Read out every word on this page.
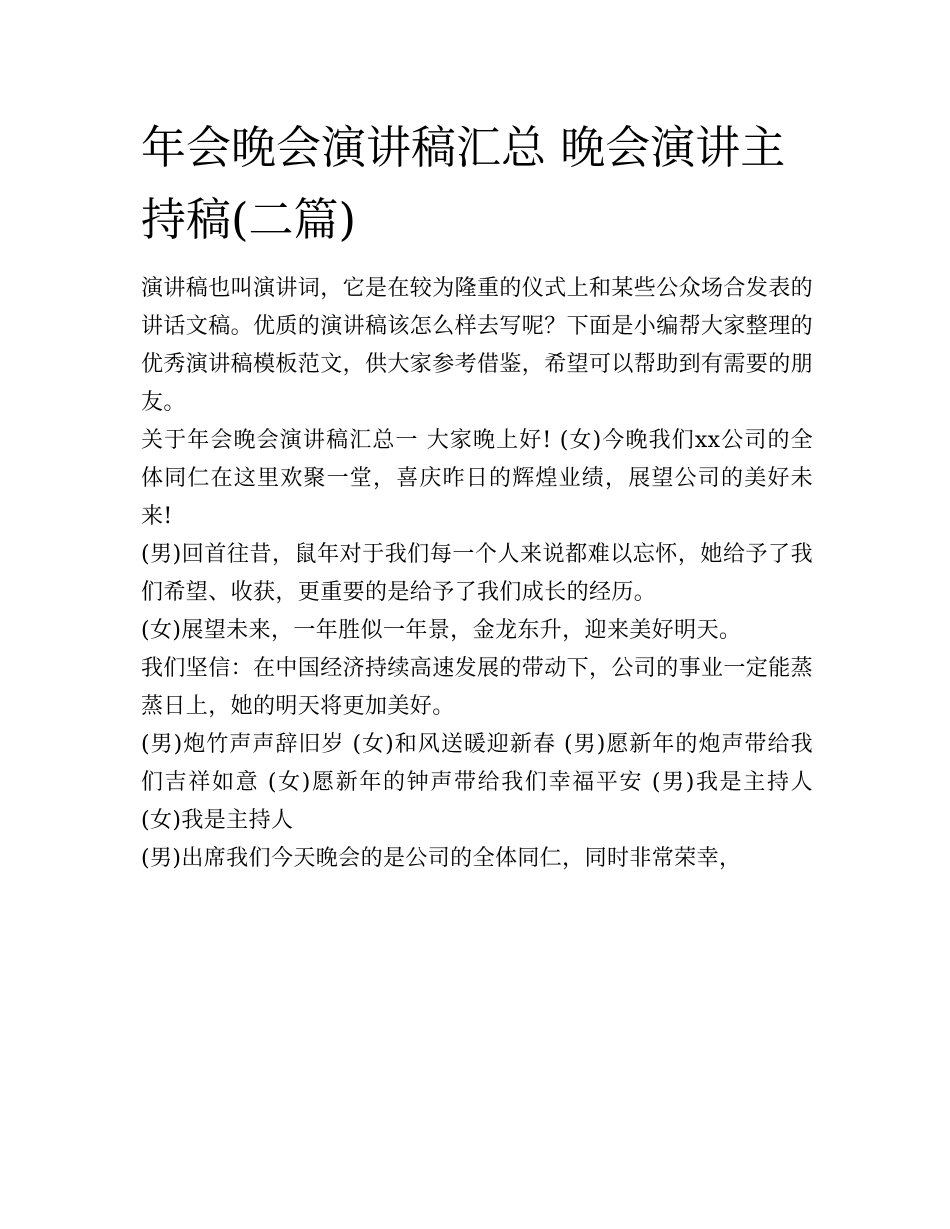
年会晚会演讲稿汇总 晚会演讲主持稿(二篇)

演讲稿也叫演讲词，它是在较为隆重的仪式上和某些公众场合发表的讲话文稿。优质的演讲稿该怎么样去写呢？下面是小编帮大家整理的优秀演讲稿模板范文，供大家参考借鉴，希望可以帮助到有需要的朋友。

关于年会晚会演讲稿汇总一 大家晚上好! (女)今晚我们xx公司的全体同仁在这里欢聚一堂，喜庆昨日的辉煌业绩，展望公司的美好未来!

(男)回首往昔，鼠年对于我们每一个人来说都难以忘怀，她给予了我们希望、收获，更重要的是给予了我们成长的经历。

(女)展望未来，一年胜似一年景，金龙东升，迎来美好明天。

我们坚信：在中国经济持续高速发展的带动下，公司的事业一定能蒸蒸日上，她的明天将更加美好。

(男)炮竹声声辞旧岁 (女)和风送暖迎新春 (男)愿新年的炮声带给我们吉祥如意 (女)愿新年的钟声带给我们幸福平安 (男)我是主持人 (女)我是主持人

(男)出席我们今天晚会的是公司的全体同仁，同时非常荣幸，
